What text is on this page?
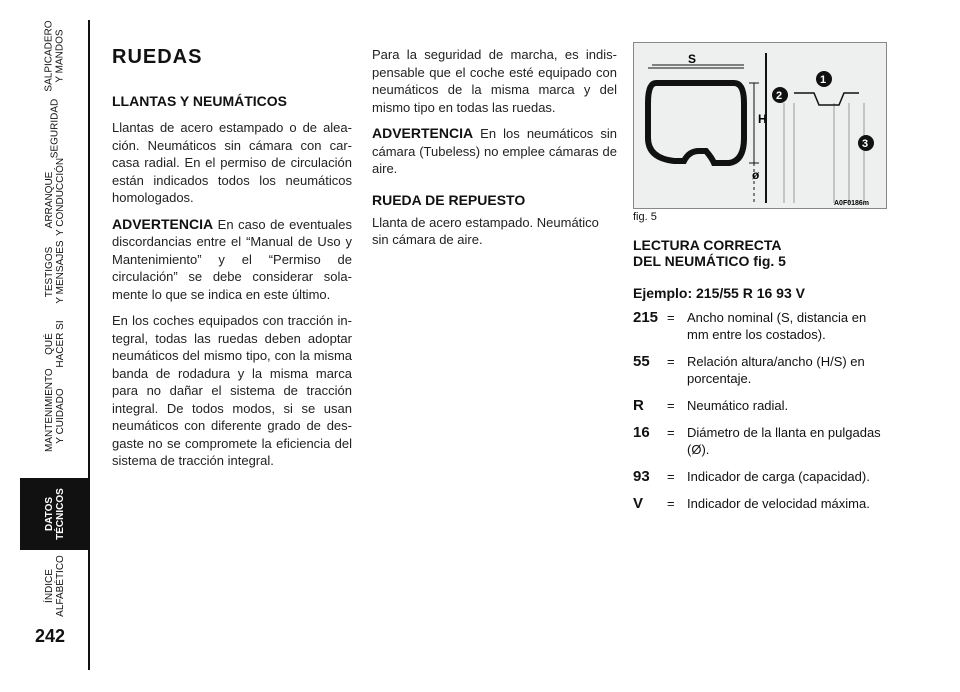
SALPICADERO
Y MANDOS
SEGURIDAD
ARRANQUE
Y CONDUCCIÓN
TESTIGOS
Y MENSAJES
QUÉ
HACER SI
MANTENIMIENTO
Y CUIDADO
DATOS
TÉCNICOS
ÍNDICE
ALFABÉTICO
242
RUEDAS
LLANTAS Y NEUMÁTICOS

Llantas de acero estampado o de aleación. Neumáticos sin cámara con carcasa radial. En el permiso de circulación están indicados todos los neumáticos homologados.

ADVERTENCIA En caso de eventuales discordancias entre el “Manual de Uso y Mantenimiento” y el “Permiso de circulación” se debe considerar solamente lo que se indica en este último.

En los coches equipados con tracción integral, todas las ruedas deben adoptar neumáticos del mismo tipo, con la misma banda de rodadura y la misma marca para no dañar el sistema de tracción integral. De todos modos, si se usan neumáticos con diferente grado de desgaste no se compromete la eficiencia del sistema de tracción integral.

Para la seguridad de marcha, es indispensable que el coche esté equipado con neumáticos de la misma marca y del mismo tipo en todas las ruedas.

ADVERTENCIA En los neumáticos sin cámara (Tubeless) no emplee cámaras de aire.

RUEDA DE REPUESTO

Llanta de acero estampado. Neumático sin cámara de aire.

S
H
ø
1
2
3
A0F0186m
fig. 5
LECTURA CORRECTA
DEL NEUMÁTICO fig. 5
Ejemplo: 215/55 R 16 93 V
215 = Ancho nominal (S, distancia en mm entre los costados).
55	= Relación altura/ancho (H/S) en porcentaje.
R	= Neumático radial.
16	= Diámetro de la llanta en pulgadas (Ø).
93	= Indicador de carga (capacidad).
V	= Indicador de velocidad máxima.
